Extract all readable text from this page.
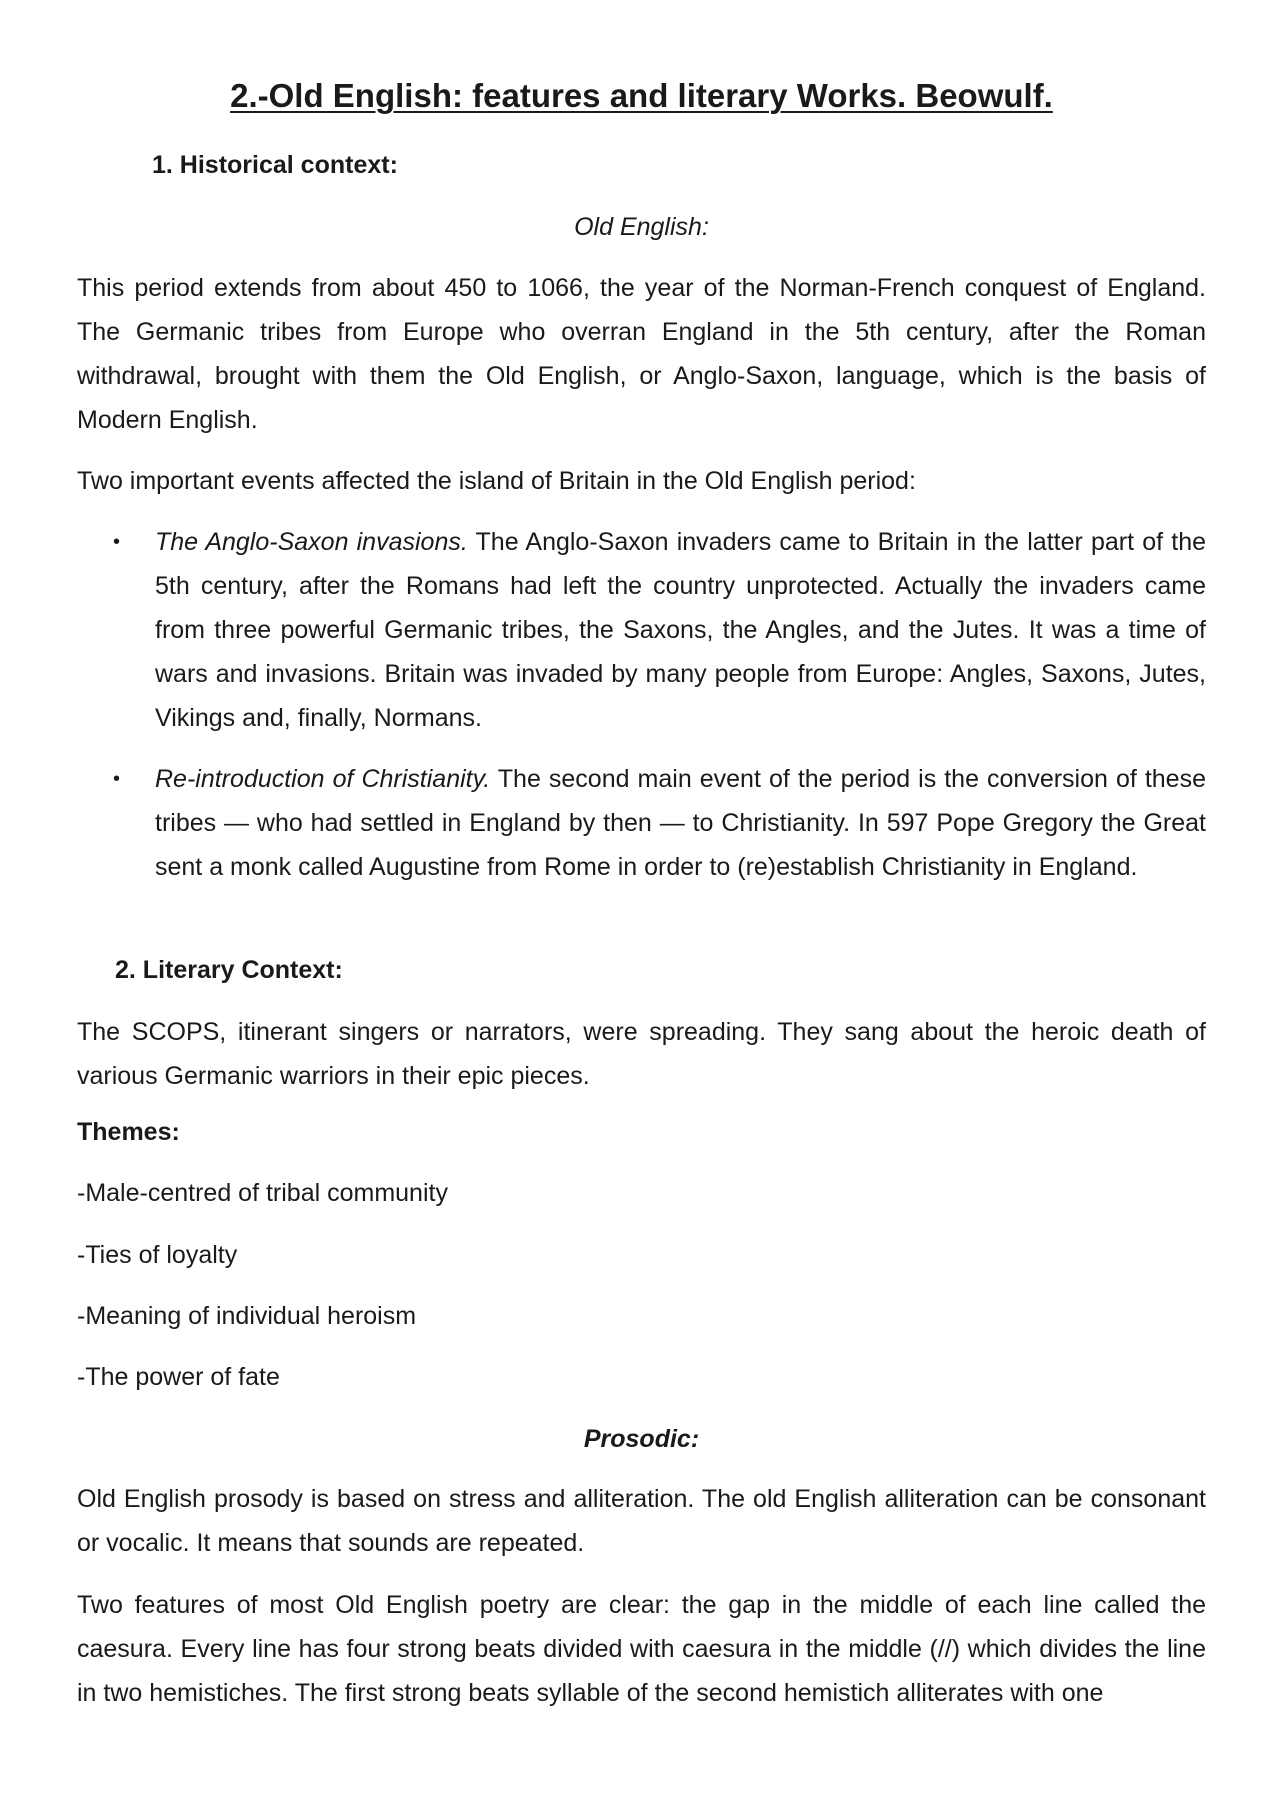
2.-Old English: features and literary Works. Beowulf.

1. Historical context:

Old English:

This period extends from about 450 to 1066, the year of the Norman-French conquest of England. The Germanic tribes from Europe who overran England in the 5th century, after the Roman withdrawal, brought with them the Old English, or Anglo-Saxon, language, which is the basis of Modern English.

Two important events affected the island of Britain in the Old English period:

• The Anglo-Saxon invasions. The Anglo-Saxon invaders came to Britain in the latter part of the 5th century, after the Romans had left the country unprotected. Actually the invaders came from three powerful Germanic tribes, the Saxons, the Angles, and the Jutes. It was a time of wars and invasions. Britain was invaded by many people from Europe: Angles, Saxons, Jutes, Vikings and, finally, Normans.

• Re-introduction of Christianity. The second main event of the period is the conversion of these tribes — who had settled in England by then — to Christianity. In 597 Pope Gregory the Great sent a monk called Augustine from Rome in order to (re)establish Christianity in England.

2. Literary Context:

The SCOPS, itinerant singers or narrators, were spreading. They sang about the heroic death of various Germanic warriors in their epic pieces.

Themes:

-Male-centred of tribal community

-Ties of loyalty

-Meaning of individual heroism

-The power of fate

Prosodic:

Old English prosody is based on stress and alliteration. The old English alliteration can be consonant or vocalic. It means that sounds are repeated.

Two features of most Old English poetry are clear: the gap in the middle of each line called the caesura. Every line has four strong beats divided with caesura in the middle (//) which divides the line in two hemistiches. The first strong beats syllable of the second hemistich alliterates with one
